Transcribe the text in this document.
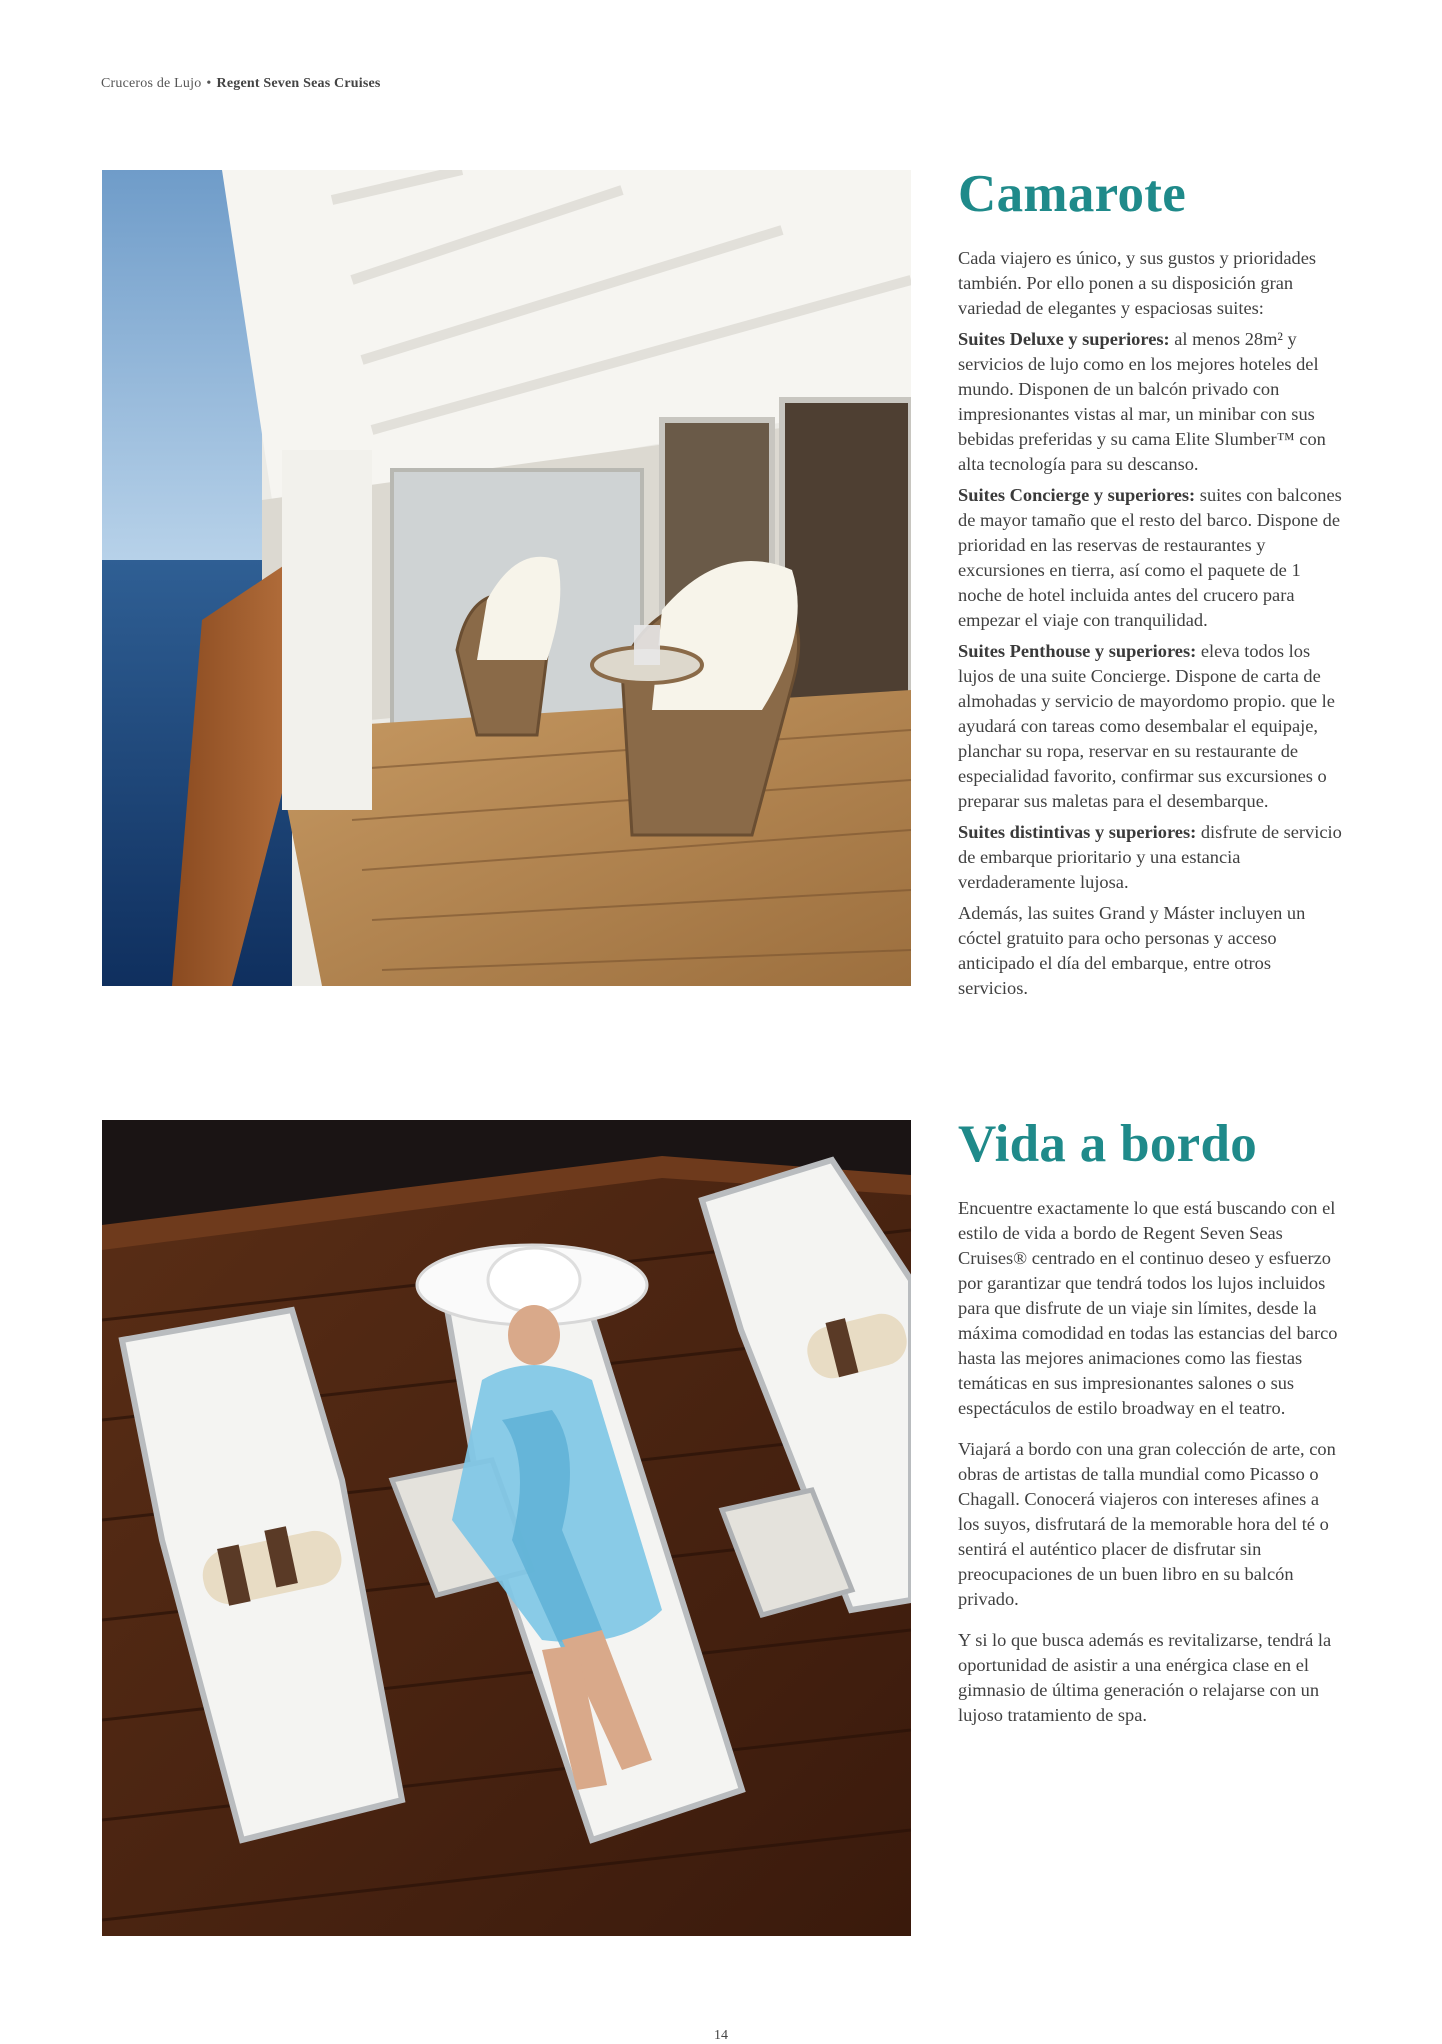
Cruceros de Lujo • Regent Seven Seas Cruises
Camarote

Cada viajero es único, y sus gustos y prioridades también. Por ello ponen a su disposición gran variedad de elegantes y espaciosas suites:

Suites Deluxe y superiores: al menos 28m² y servicios de lujo como en los mejores hoteles del mundo. Disponen de un balcón privado con impresionantes vistas al mar, un minibar con sus bebidas preferidas y su cama Elite Slumber™ con alta tecnología para su descanso.

Suites Concierge y superiores: suites con balcones de mayor tamaño que el resto del barco. Dispone de prioridad en las reservas de restaurantes y excursiones en tierra, así como el paquete de 1 noche de hotel incluida antes del crucero para empezar el viaje con tranquilidad.

Suites Penthouse y superiores: eleva todos los lujos de una suite Concierge. Dispone de carta de almohadas y servicio de mayordomo propio. que le ayudará con tareas como desembalar el equipaje, planchar su ropa, reservar en su restaurante de especialidad favorito, confirmar sus excursiones o preparar sus maletas para el desembarque.

Suites distintivas y superiores: disfrute de servicio de embarque prioritario y una estancia verdaderamente lujosa.

Además, las suites Grand y Máster incluyen un cóctel gratuito para ocho personas y acceso anticipado el día del embarque, entre otros servicios.

Vida a bordo

Encuentre exactamente lo que está buscando con el estilo de vida a bordo de Regent Seven Seas Cruises® centrado en el continuo deseo y esfuerzo por garantizar que tendrá todos los lujos incluidos para que disfrute de un viaje sin límites, desde la máxima comodidad en todas las estancias del barco hasta las mejores animaciones como las fiestas temáticas en sus impresionantes salones o sus espectáculos de estilo broadway en el teatro.

Viajará a bordo con una gran colección de arte, con obras de artistas de talla mundial como Picasso o Chagall. Conocerá viajeros con intereses afines a los suyos, disfrutará de la memorable hora del té o sentirá el auténtico placer de disfrutar sin preocupaciones de un buen libro en su balcón privado.

Y si lo que busca además es revitalizarse, tendrá la oportunidad de asistir a una enérgica clase en el gimnasio de última generación o relajarse con un lujoso tratamiento de spa.

14
